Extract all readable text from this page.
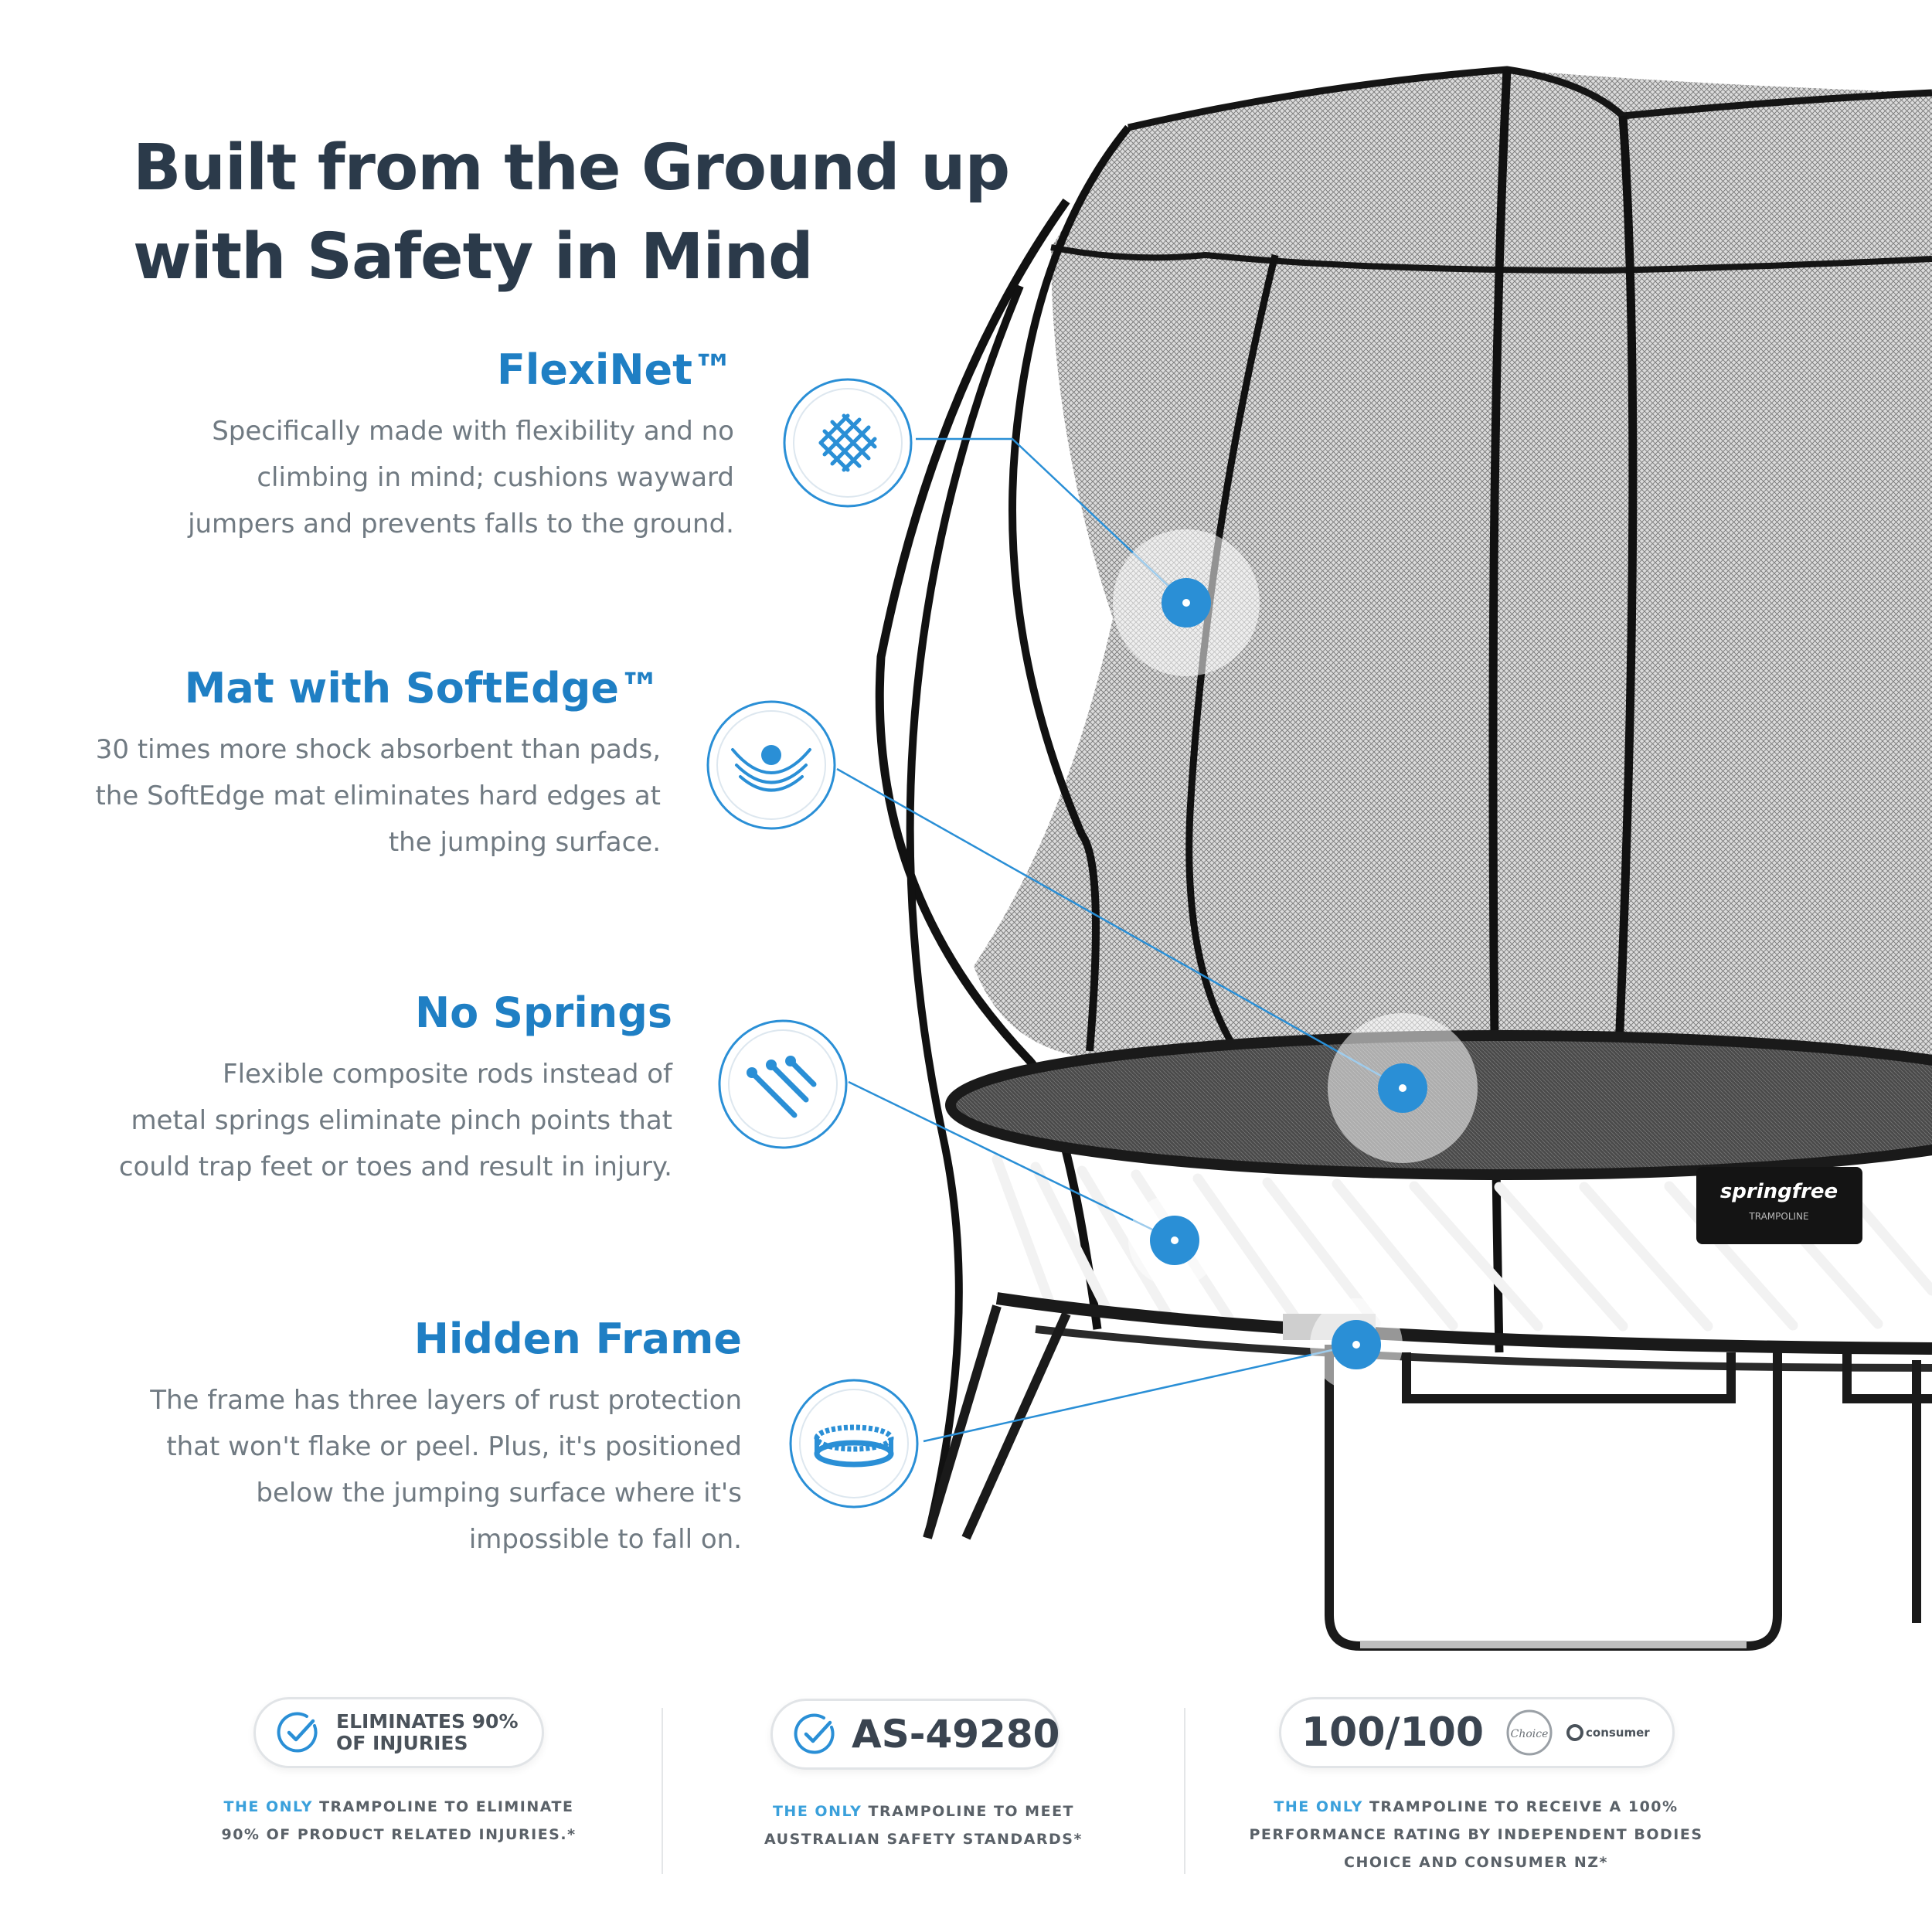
springfree
TRAMPOLINE
Built from the Ground up
with Safety in Mind
FlexiNet™
Specifically made with flexibility and no
climbing in mind; cushions wayward
jumpers and prevents falls to the ground.
Mat with SoftEdge™
30 times more shock absorbent than pads,
the SoftEdge mat eliminates hard edges at
the jumping surface.
No Springs
Flexible composite rods instead of
metal springs eliminate pinch points that
could trap feet or toes and result in injury.
Hidden Frame
The frame has three layers of rust protection
that won't flake or peel. Plus, it's positioned
below the jumping surface where it's
impossible to fall on.
ELIMINATES 90%
OF INJURIES
THE ONLY TRAMPOLINE TO ELIMINATE
90% OF PRODUCT RELATED INJURIES.*
AS-49280
THE ONLY TRAMPOLINE TO MEET
AUSTRALIAN SAFETY STANDARDS*
100/100 Choice	consumer
THE ONLY TRAMPOLINE TO RECEIVE A 100%
PERFORMANCE RATING BY INDEPENDENT BODIES
CHOICE AND CONSUMER NZ*
